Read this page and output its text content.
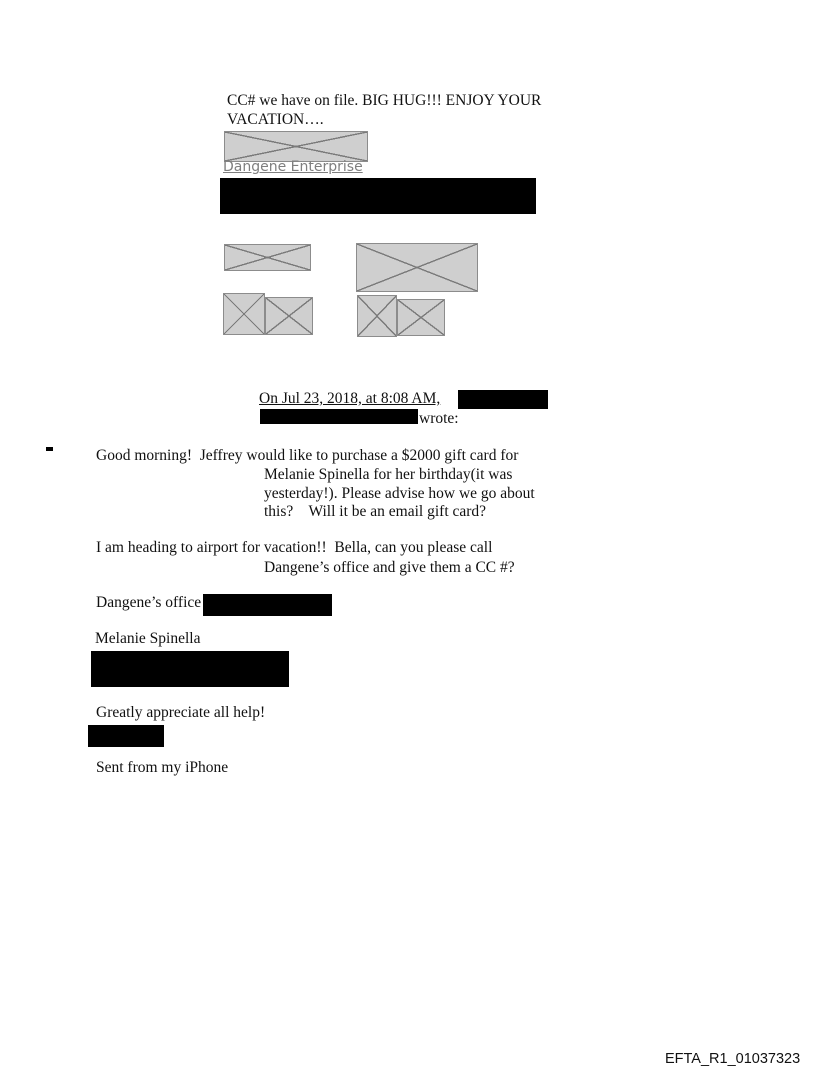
CC# we have on file. BIG HUG!!! ENJOY YOUR
VACATION….
Dangene Enterprise
On Jul 23, 2018, at 8:08 AM,
wrote:
Good morning!  Jeffrey would like to purchase a $2000 gift card for
Melanie Spinella for her birthday(it was
yesterday!). Please advise how we go about
this?    Will it be an email gift card?
I am heading to airport for vacation!!  Bella, can you please call
Dangene’s office and give them a CC #?
Dangene’s office
Melanie Spinella
Greatly appreciate all help!
Sent from my iPhone
EFTA_R1_01037323
